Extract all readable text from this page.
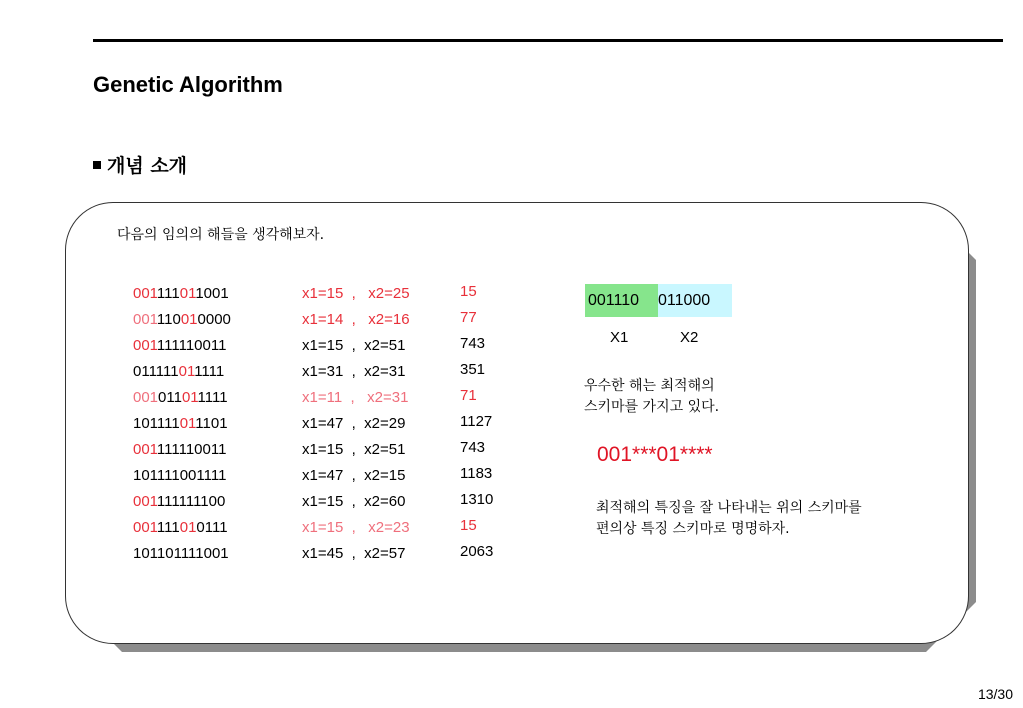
Genetic Algorithm
개념 소개
다음의 임의의 해들을 생각해보자.
001111011001
001110010000
001111110011
011111011111
001011011111
101111011101
001111110011
101111001111
001111111100
001111010111
101101111001
x1=15  ,   x2=25
x1=14  ,   x2=16
x1=15  ,  x2=51
x1=31  ,  x2=31
x1=11  ,   x2=31
x1=47  ,  x2=29
x1=15  ,  x2=51
x1=47  ,  x2=15
x1=15  ,  x2=60
x1=15  ,   x2=23
x1=45  ,  x2=57
15
77
743
351
71
1127
743
1183
1310
15
2063
001110	011000
X1	X2
우수한 해는 최적해의
스키마를 가지고 있다.
001***01****
최적해의 특징을 잘 나타내는 위의 스키마를
편의상 특징 스키마로 명명하자.
13/30
